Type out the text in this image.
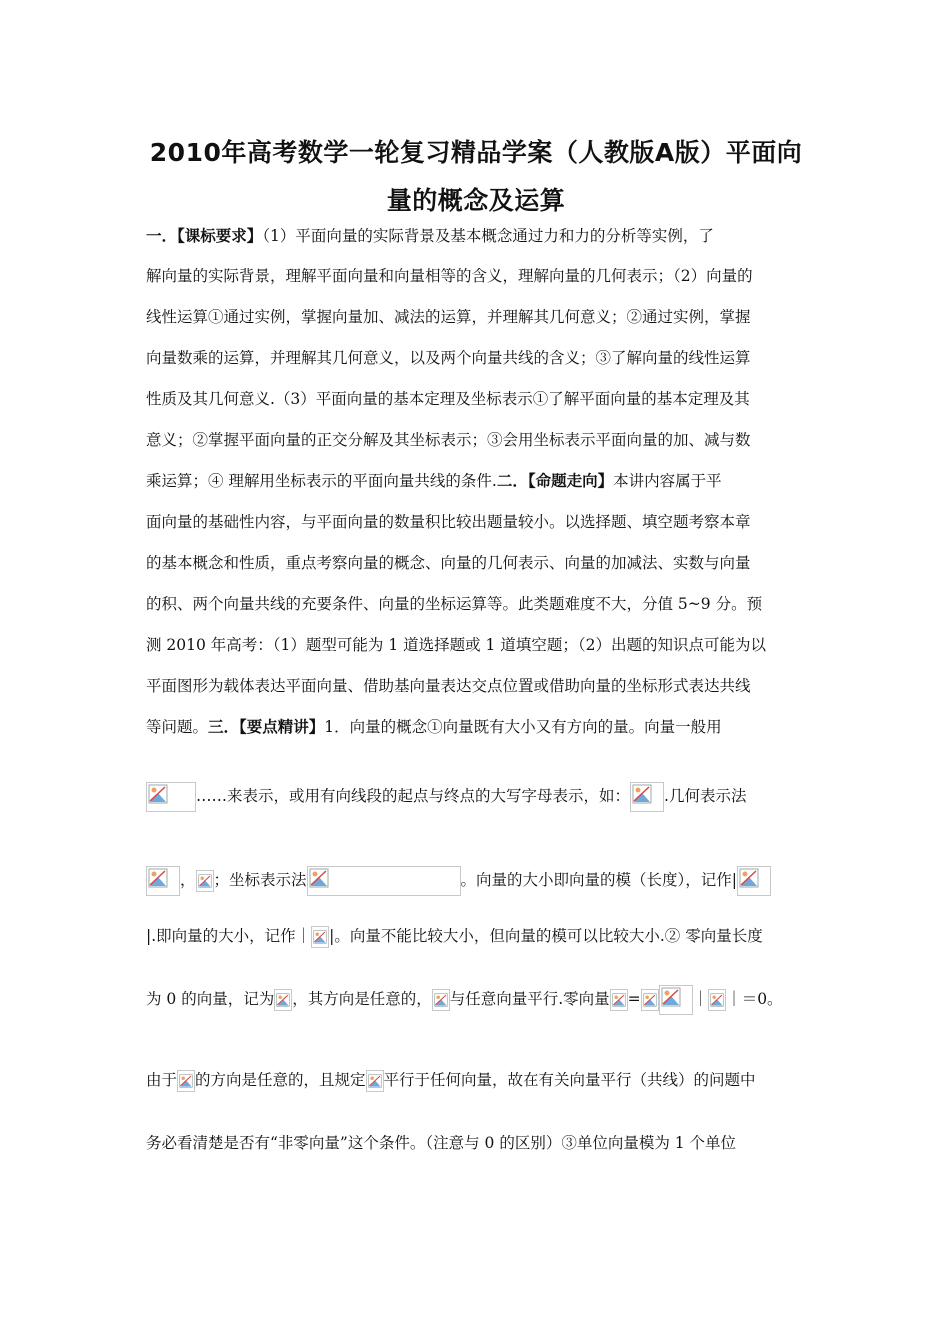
2010年高考数学一轮复习精品学案（人教版A版）平面向
量的概念及运算
一．【课标要求】（1）平面向量的实际背景及基本概念通过力和力的分析等实例，了
解向量的实际背景，理解平面向量和向量相等的含义，理解向量的几何表示；（2）向量的
线性运算①通过实例，掌握向量加、减法的运算，并理解其几何意义；②通过实例，掌握
向量数乘的运算，并理解其几何意义，以及两个向量共线的含义；③了解向量的线性运算
性质及其几何意义.（3）平面向量的基本定理及坐标表示①了解平面向量的基本定理及其
意义；②掌握平面向量的正交分解及其坐标表示；③会用坐标表示平面向量的加、减与数
乘运算；④ 理解用坐标表示的平面向量共线的条件.二．【命题走向】本讲内容属于平
面向量的基础性内容，与平面向量的数量积比较出题量较小。以选择题、填空题考察本章
的基本概念和性质，重点考察向量的概念、向量的几何表示、向量的加减法、实数与向量
的积、两个向量共线的充要条件、向量的坐标运算等。此类题难度不大，分值 5~9 分。预
测 2010 年高考：（1）题型可能为 1 道选择题或 1 道填空题；（2）出题的知识点可能为以
平面图形为载体表达平面向量、借助基向量表达交点位置或借助向量的坐标形式表达共线
等问题。三．【要点精讲】1．向量的概念①向量既有大小又有方向的量。向量一般用
……来表示，或用有向线段的起点与终点的大写字母表示，如： .几何表示法
， ；坐标表示法	。向量的大小即向量的模（长度），记作|
|.即向量的大小，记作｜ |。向量不能比较大小，但向量的模可以比较大小.② 零向量长度
为 0 的向量，记为 ，其方向是任意的， 与任意向量平行.零向量 =	｜ ｜＝0。
由于 的方向是任意的，且规定 平行于任何向量，故在有关向量平行（共线）的问题中
务必看清楚是否有“非零向量”这个条件。（注意与 0 的区别）③单位向量模为 1 个单位
